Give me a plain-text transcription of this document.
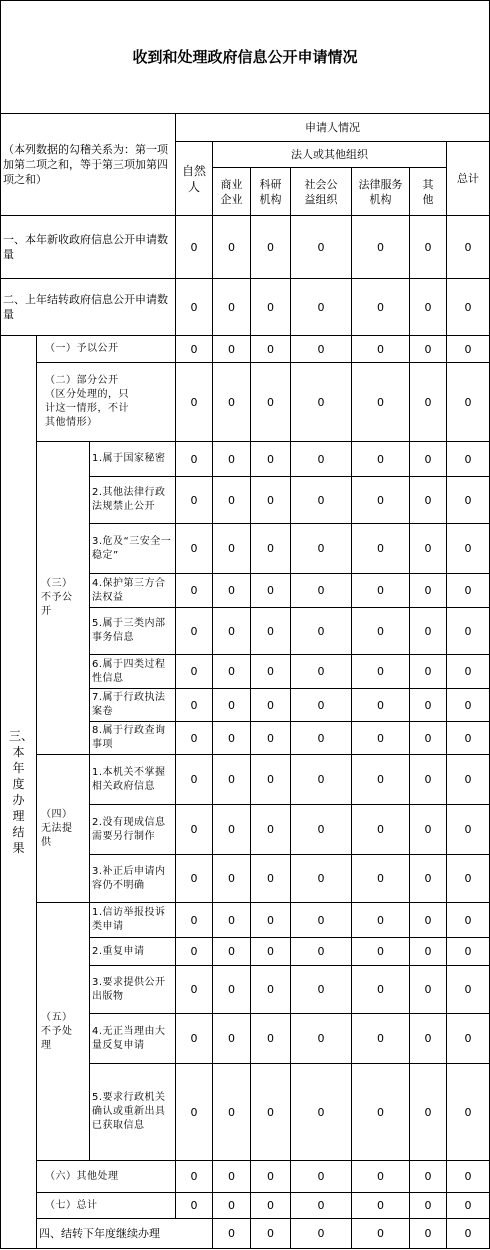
收到和处理政府信息公开申请情况										
（本列数据的勾稽关系为：第一项加第二项之和，等于第三项加第四项之和）			申请人情况							
			自然人	法人或其他组织					总计	
				商业企业	科研机构	社会公益组织	法律服务机构	其他		
一、本年新收政府信息公开申请数量			0	0	0	0	0	0	0	
二、上年结转政府信息公开申请数量			0	0	0	0	0	0	0	
三、本年度办理结果	（一）予以公开		0	0	0	0	0	0	0	
	（二）部分公开（区分处理的，只计这一情形，不计其他情形）		0	0	0	0	0	0	0	
	（三）不予公开	1.属于国家秘密	0	0	0	0	0	0	0	
		2.其他法律行政法规禁止公开	0	0	0	0	0	0	0	
		3.危及“三安全一稳定”	0	0	0	0	0	0	0	
		4.保护第三方合法权益	0	0	0	0	0	0	0	
		5.属于三类内部事务信息	0	0	0	0	0	0	0	
		6.属于四类过程性信息	0	0	0	0	0	0	0	
		7.属于行政执法案卷	0	0	0	0	0	0	0	
		8.属于行政查询事项	0	0	0	0	0	0	0	
	（四）无法提供	1.本机关不掌握相关政府信息	0	0	0	0	0	0	0	
		2.没有现成信息需要另行制作	0	0	0	0	0	0	0	
		3.补正后申请内容仍不明确	0	0	0	0	0	0	0	
	（五）不予处理	1.信访举报投诉类申请	0	0	0	0	0	0	0	
		2.重复申请	0	0	0	0	0	0	0	
		3.要求提供公开出版物	0	0	0	0	0	0	0	
		4.无正当理由大量反复申请	0	0	0	0	0	0	0	
		5.要求行政机关确认或重新出具已获取信息	0	0	0	0	0	0	0	
	（六）其他处理		0	0	0	0	0	0	0	
	（七）总计		0	0	0	0	0	0	0	
	四、结转下年度继续办理			0	0	0	0	0	0	
